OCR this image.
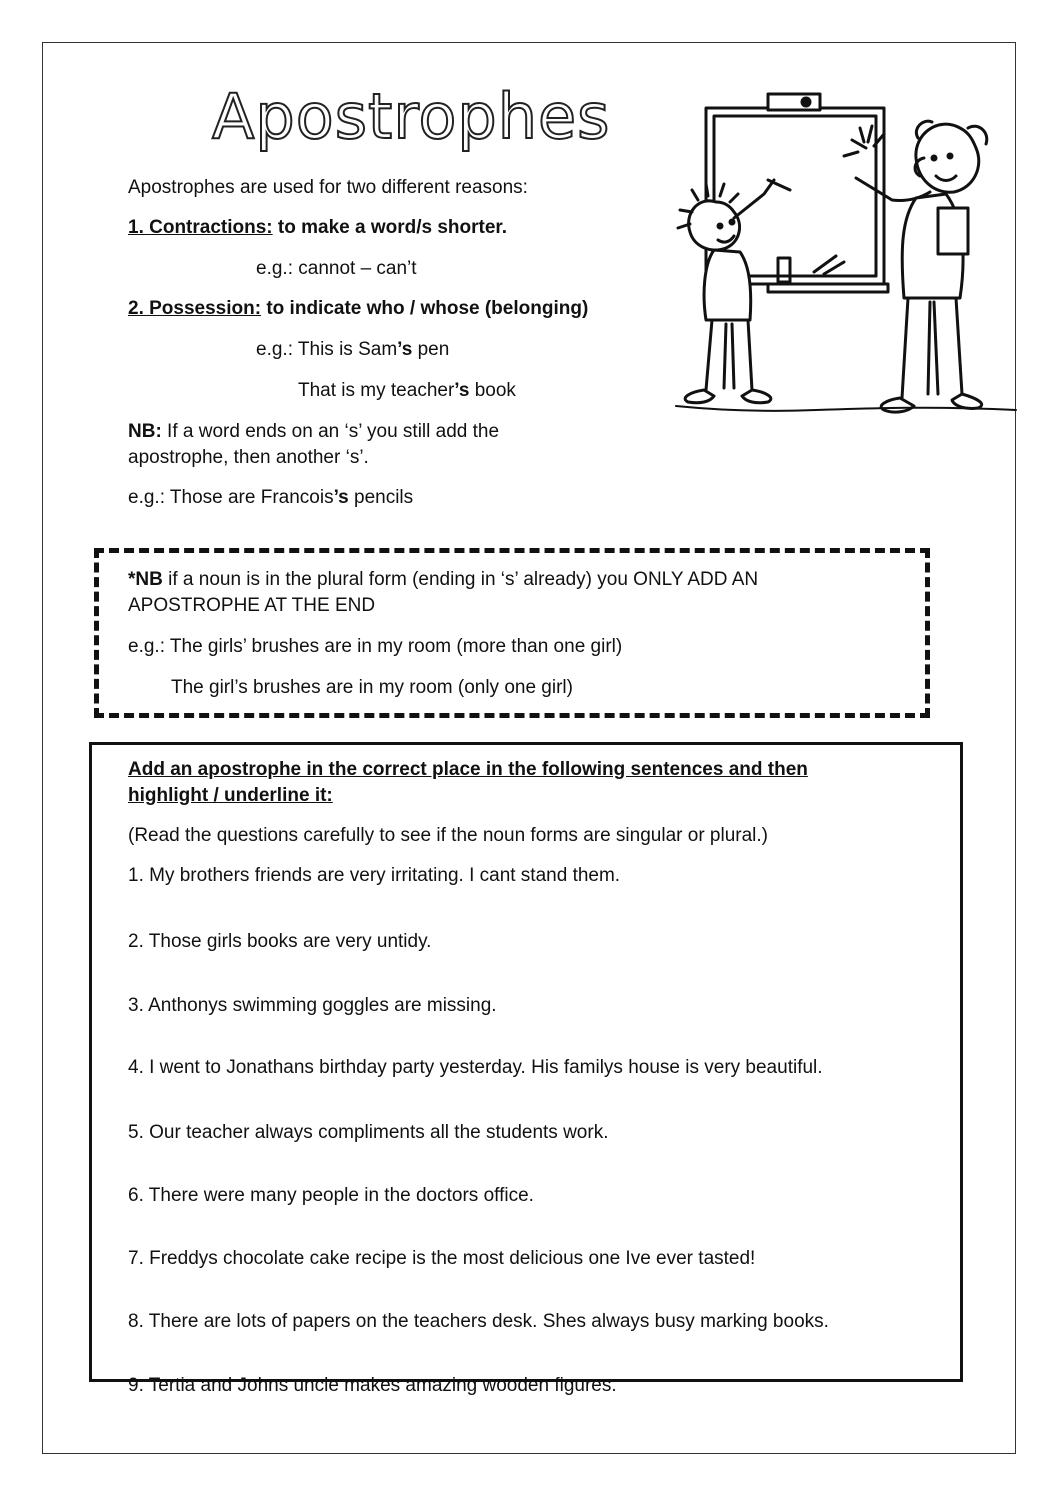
Apostrophes
Apostrophes are used for two different reasons:
1. Contractions: to make a word/s shorter.
e.g.: cannot – can’t
2. Possession: to indicate who / whose (belonging)
e.g.: This is Sam’s pen
That is my teacher’s book
NB: If a word ends on an ‘s’ you still add the
apostrophe, then another ‘s’.
e.g.: Those are Francois’s pencils
*NB if a noun is in the plural form (ending in ‘s’ already) you ONLY ADD AN
APOSTROPHE AT THE END
e.g.: The girls’ brushes are in my room (more than one girl)
The girl’s brushes are in my room (only one girl)
Add an apostrophe in the correct place in the following sentences and then
highlight / underline it:
(Read the questions carefully to see if the noun forms are singular or plural.)
1. My brothers friends are very irritating. I cant stand them.
2. Those girls books are very untidy.
3. Anthonys swimming goggles are missing.
4. I went to Jonathans birthday party yesterday. His familys house is very beautiful.
5. Our teacher always compliments all the students work.
6. There were many people in the doctors office.
7. Freddys chocolate cake recipe is the most delicious one Ive ever tasted!
8. There are lots of papers on the teachers desk. Shes always busy marking books.
9. Tertia and Johns uncle makes amazing wooden figures.
